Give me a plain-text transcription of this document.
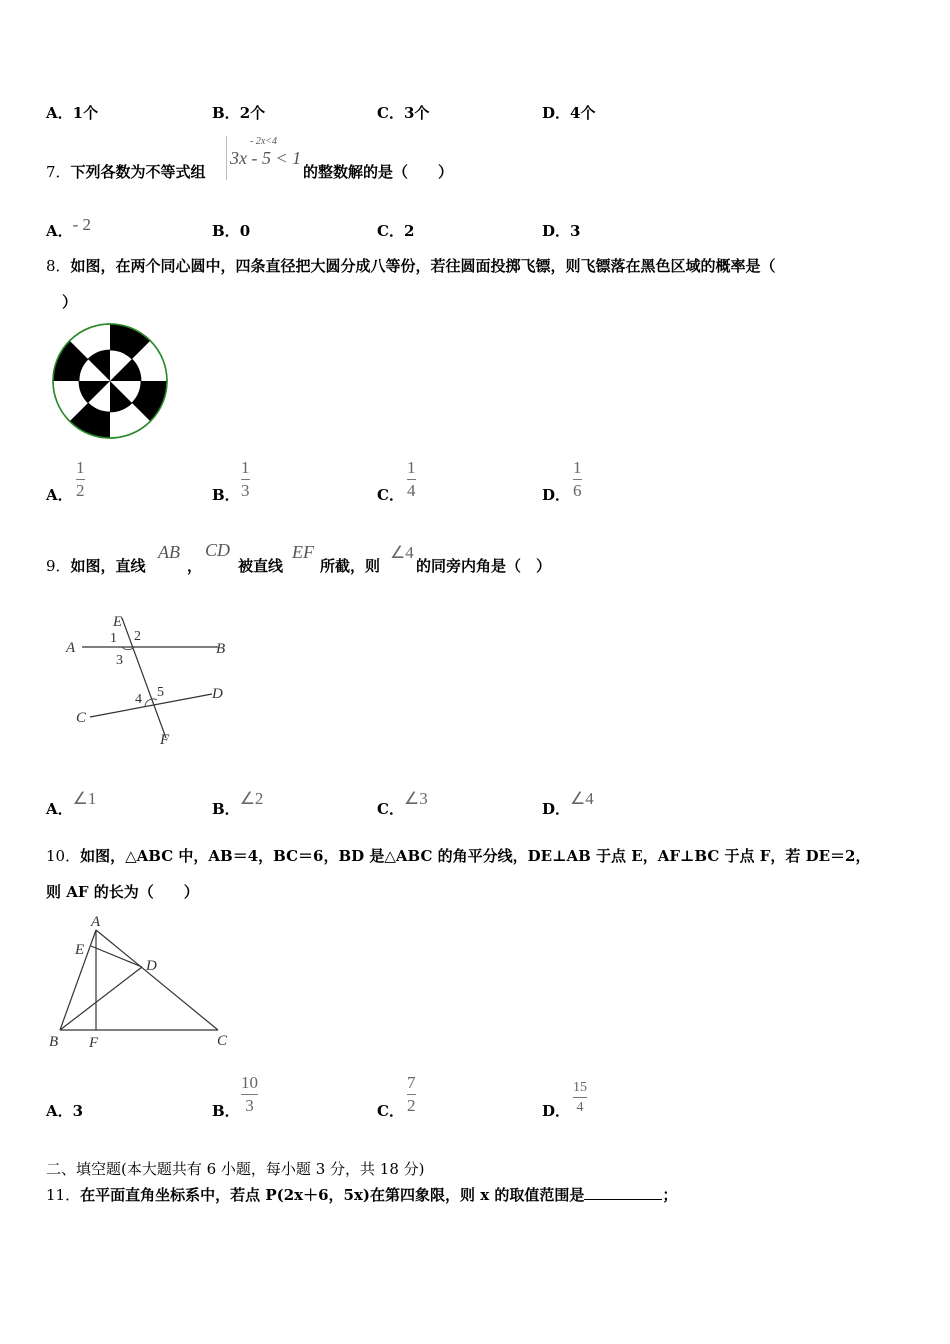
A．1个	B．2个	C．3个	D．4个
7．下列各数为不等式组
- 2x<4
3x - 5 < 1
的整数解的是（　　）
A．- 2	B．0	C．2	D．3
8．如图，在两个同心圆中，四条直径把大圆分成八等份，若往圆面投掷飞镖，则飞镖落在黑色区域的概率是（
）
A．
1
2	B．
1
3	C．
1
4	D．
1
6
9．如图，直线
AB
，
CD
被直线
EF
所截，则
∠4
的同旁内角是（　）
E
A	B
C
D
F
1 2
3
4 5
A．∠1
B．∠2
C．∠3
D．∠4
10．如图，△ABC 中，AB＝4，BC＝6，BD 是△ABC 的角平分线，DE⊥AB 于点 E，AF⊥BC 于点 F，若 DE＝2，
则 AF 的长为（　　）
A
E
D
B F	C
A．3	B．
10
3	C．
7
2	D．
15
4
二、填空题(本大题共有 6 小题，每小题 3 分，共 18 分)
11．在平面直角坐标系中，若点 P(2x＋6，5x)在第四象限，则 x 的取值范围是	；
